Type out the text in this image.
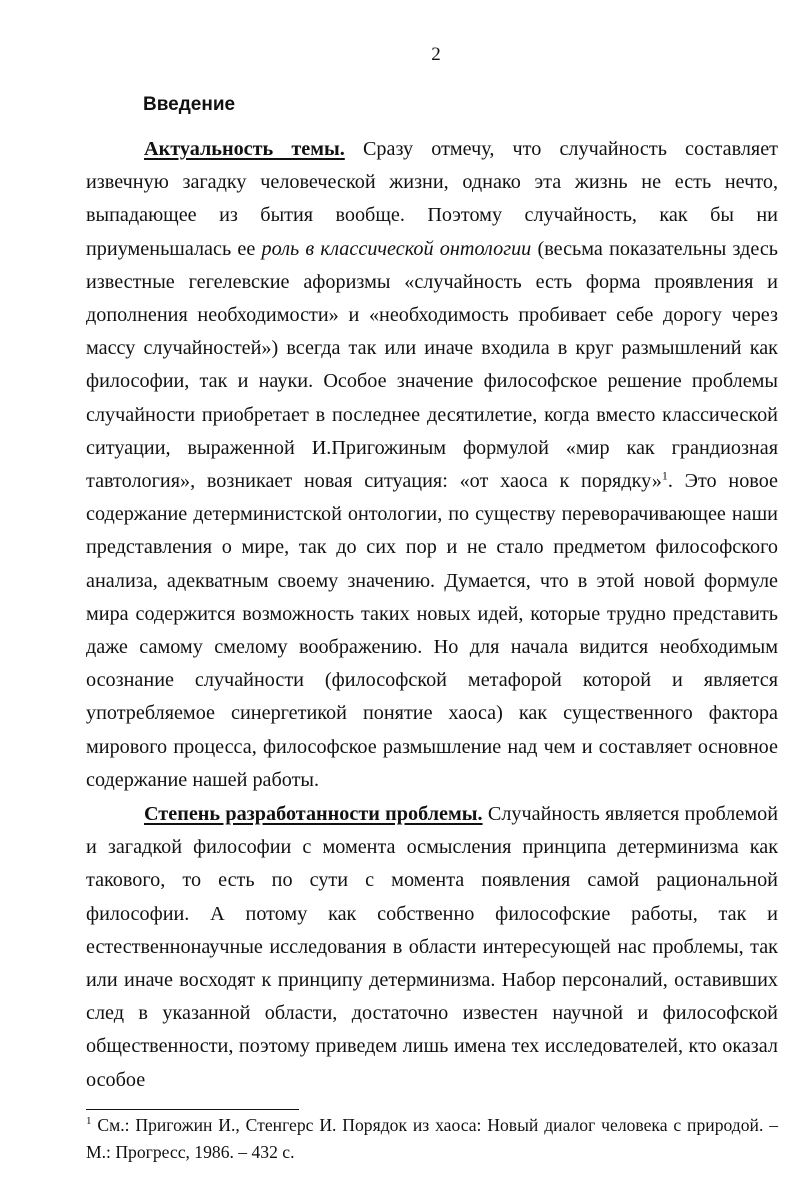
2
Введение

Актуальность темы. Сразу отмечу, что случайность составляет извечную загадку человеческой жизни, однако эта жизнь не есть нечто, выпадающее из бытия вообще. Поэтому случайность, как бы ни приуменьшалась ее роль в классической онтологии (весьма показательны здесь известные гегелевские афоризмы «случайность есть форма проявления и дополнения необходимости» и «необходимость пробивает себе дорогу через массу случайностей») всегда так или иначе входила в круг размышлений как философии, так и науки. Особое значение философское решение проблемы случайности приобретает в последнее десятилетие, когда вместо классической ситуации, выраженной И.Пригожиным формулой «мир как грандиозная тавтология», возникает новая ситуация: «от хаоса к порядку»$^1$. Это новое содержание детерминистской онтологии, по существу переворачивающее наши представления о мире, так до сих пор и не стало предметом философского анализа, адекватным своему значению. Думается, что в этой новой формуле мира содержится возможность таких новых идей, которые трудно представить даже самому смелому воображению. Но для начала видится необходимым осознание случайности (философской метафорой которой и является употребляемое синергетикой понятие хаоса) как существенного фактора мирового процесса, философское размышление над чем и составляет основное содержание нашей работы.

Степень разработанности проблемы. Случайность является проблемой и загадкой философии с момента осмысления принципа детерминизма как такового, то есть по сути с момента появления самой рациональной философии. А потому как собственно философские работы, так и естественнонаучные исследования в области интересующей нас проблемы, так или иначе восходят к принципу детерминизма. Набор персоналий, оставивших след в указанной области, достаточно известен научной и философской общественности, поэтому приведем лишь имена тех исследователей, кто оказал особое

$^1$ См.: Пригожин И., Стенгерс И. Порядок из хаоса: Новый диалог человека с природой. – М.: Прогресс, 1986. – 432 с.
